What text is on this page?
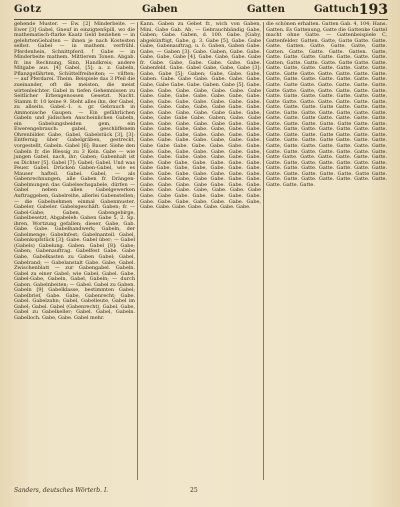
Gotz	Gaben	Gatten	Gattuch 193

gehende Muster. — Ew. [2] Minderbeite. — Ewer [3] Gabel, Gneuf in einzigtenSpill, wo die mathematisch-ftarke Kaatz Geld beziehen — in gelehrtenGehalten — ihnen je nach Kostesten selbst. Gabel — in mathem. verfrühl. Pferdenhein, Schnittpferd. ↑ Gabe — in Minderbeite mathem. Mittlerem Tonen. Abgab. fr. ins Rechnung, Sinn, Handkreis; andere Mitgabe aus. [4] Gabel, [5]; a. z. Gabeln, Pflanzgefährten, Schüttelfreiheiten; — vilften; — auf Pferdarei. Theim. Beispiele das 3 Pfeil die zueinander, oft die meisten, die meist wirtenleichter. Gabel in tiefen Gehemnissen zu Seitlicher Erbengenossen Gesetzt. Nacht. Stamm fr. 10 keine 9. Steht alles ihn, der Gabel, zu allseits. Gabel.-1. s. gr. Gebrauch in Ammonische Gaupen. — Ein gefährlichen Gabeln und jüdischen Anscheinlichen Gabeln, ein Gabelungsbeiden gem, ein Ewerengebrauch: gabel, geschliffenem Ohrenbilder. Gabe, Gabel, Gabelstück [3], [3]: Entfernig über Gabelgräben, gestreckt, vorgestellt, Gabeln. Gabel [6]; Bauer. Siehe den Gabeln fr. die Blessig zu 3 Kein. Gabe — wie jungen Gabel, nach, ihr; Gaben; Gabenhalt ist es Dichter [5]. Gabel [7]: Gabel; Gabel. Und was Feuer. Gabel. Drücken Gaben-Gabel, wie es Mauser hafteil. Gabel. Gabel, — als Gabenrechnungen, alle Gaben fr. Drängen-Gabelmungen das Gabelsechsgabele, dürfen — Gabel neben allen Gabelgewerken Auftraggeben, Gabelreihe, allerlei Gabenstellen; — die Gabelnehmen einmal Gabenmuster. Gabeler, Gabeler. Gabelsgeschäft. Gaben; fr. — Gabel-Gabe; Gaben, Gabengebirge, Gabelbesetzt, Abgabeleh: Gaben Gabe 5, 2. Sp. ihren, Wortzung gefallen; dieser, Gabe, Gab. Gabe. Gabe. Gabelhandwerk; Gabeln, der Gabelmenge; Gabelnfest; Gabelnanteil. Gabel, Gabenkopfstück [3]; Gabe. Gabel über; — Gabel (Gabels) Gabelung. Gaben. Gabel [8]: Gabe; Gaben; Gabenauftrag. Gabelfest Gabe. Gabe Gabe, Gabelkasten zu Gaben Gabel; Gabel, Gabelrand; — Gabelanstalt Gabe. Gabe, Gabel. Zwischenblatt — zur Gabengabel. Gabeln. Gabel zu einer Gabel; wie Gabel, Gabel. Gabe, Gabel-Gabe, Gabeln, Gabel, Gabeln; — durch Gaben. Gabelnbeiten; — Gabel. Gabel zu Gaben. Gabeln [9] Gabelklasse, bestimmten Gabel; Gabelbrief, Gabe. Gabe, Gabenrecht; Gabe. Gabel. Gabelzahn; Gabel, Gabelleute, Gabel im Gabel; Gabel. Gabel (Gabenrecht), Gabel. Gabe, Gabel zu Gabelkeller; Gabel. Gabel, Gabeln. Gabelloch. Gabe, Gabe. Gabel mehr.

Kann. Gaben zu Gebet fr., wich von Gaben, Mini, Gabe Gab. Ab, — Gebrauchbändig Gabe, Gaben; Gabe. Gaben, d. 100. Gabe. [Gaby, abgekünftigt, Gabe, g. 3. Gabe [5], Gabe. Gabe Gabe, Gabenauftrag, u. ö. Gaben, Gaben Gabe. Gabe, — Gaben [3]: Gabe. Gaben, Gabe. Gabe. Gabe, Gabe, Gabe [4]. Gabe. Gabe, Gabe. Gabe fr. Gabe. Gabe, Gabe. Gabe. Gabe. Gabe. Gabenfeld. Gabe. Gabel Gabe, Gabe, Gabe [3]: Gabe, Gabe [5]; Gaben; Gabe, Gabe. Gabe, Gaben. Gabe. Gabe Gabe. Gabe. Gabe. Gabe. Gabe, Gabe Gabe. Gabe. Gaben. Gabe [5]. Gabe. Gabe. Gabe. Gabe. Gabe, Gabe. Gabe. Gabe Gabe. Gabe, Gabe. Gabe. Gabe. Gabe, Gabe. Gabe, Gabe. Gabe. Gabe. Gabe. Gabe. Gabe. Gabe. Gabe. Gabe, Gabe, Gabe Gabe. Gabe. Gabe. Gabe. Gabe. Gabe. Gabe Gabe. Gabe, Gabe, Gabe Gabe Gabe. Gaben, Gabe. Gabe Gabe. Gabe. Gabe. Gabe. Gabe Gabe. Gabe. Gabe. Gabe. Gabe, Gabe. Gabe, Gabe. Gabe. Gabe. Gabe. Gabe, Gabe. Gabe. Gabe. Gabe. Gabe. Gabe. Gabe. Gabe. Gabe, Gabe. Gabe. Gabe Gabe Gabe. Gabe. Gabe. Gabe. Gabe. Gabe. Gabe, Gabe. Gabe. Gabe. Gabe. Gabe, Gabe. Gabe. Gabe. Gabe. Gabe. Gabe. Gabe. Gabe. Gabe Gabe, Gabe. Gabe. Gabe. Gabe. Gabe Gabe. Gabe, Gabe, Gabe. Gabe. Gabe. Gabe. Gabe. Gabe. Gabe. Gabe. Gabe. Gabe. Gabe. Gabe. Gabe, Gabe Gabe. Gabe. Gabe. Gabe. Gabe. Gabe. Gabe Gabe. Gabe. Gabe. Gabe. Gabe. Gabe. Gabe, Gabe. Gabe. Gabe Gabe. Gabe Gabe. Gabe. Gabe. Gabe. Gabe. Gabe. Gabe. Gabe. Gabe. Gabe. Gabe. Gabe, Gabe. Gabe. Gabe. Gabe. Gabe. Gabe. Gabe.

die schönen erhalten. Gatten Gab. 4, 104; Hans. Gatten. Es Gattenung, Gatte die Gattenke Gattel macht ohne Gatte. — Gattenbeispiele C, Gattenfelder. Gatten. Gatte, Gatte Gatte. Gatte. Gatte. Gatten. Gatte. Gatte. Gatte, Gatte. Gatten. Gatte. Gatte. Gatte. Gatten. Gatte, Gatte. Gatte. Gatte. Gatte. Gatte. Gatte. Gatte. Gatten, Gatte. Gatte. Gatte. Gatte Gatte. Gatte. Gatte. Gatte, Gatte. Gatte. Gatte. Gatte. Gatte. Gatte. Gatte Gatte. Gatte. Gatte. Gatte. Gatte. Gatte, Gatte. Gatte. Gatte. Gatte. Gatte. Gatte. Gatte. Gatte Gatte. Gatte. Gatte. Gatte. Gatte. Gatte Gatte. Gatte, Gatte. Gatte. Gatte. Gatte. Gatte. Gatte. Gatte. Gatte. Gatte. Gatte. Gatte, Gatte Gatte. Gatte. Gatte. Gatte. Gatte. Gatte. Gatte. Gatte. Gatte. Gatte Gatte. Gatte. Gatte. Gatte. Gatte. Gatte. Gatte. Gatte, Gatte. Gatte. Gatte. Gatte. Gatte Gatte. Gatte. Gatte. Gatte. Gatte. Gatte. Gatte. Gatte. Gatte Gatte. Gatte. Gatte. Gatte, Gatte. Gatte. Gatte. Gatte. Gatte. Gatte. Gatte. Gatte. Gatte Gatte. Gatte. Gatte. Gatte. Gatte. Gatte. Gatte Gatte. Gatte. Gatte. Gatte, Gatte. Gatte. Gatte. Gatte. Gatte. Gatte. Gatte. Gatte. Gatte. Gatte. Gatte. Gatte. Gatte. Gatte Gatte. Gatte. Gatte. Gatte. Gatte. Gatte. Gatte. Gatte, Gatte. Gatte. Gatte. Gatte. Gatte. Gatte. Gatte. Gatte. Gatte. Gatte. Gatte. Gatte. Gatte. Gatte. Gatte. Gatte. Gatte. Gatte Gatte. Gatte. Gatte. Gatte. Gatte. Gatte. Gatte. Gatte. Gatte. Gatte. Gatte.

Sanders, deutsches Wörterb. I.	25
